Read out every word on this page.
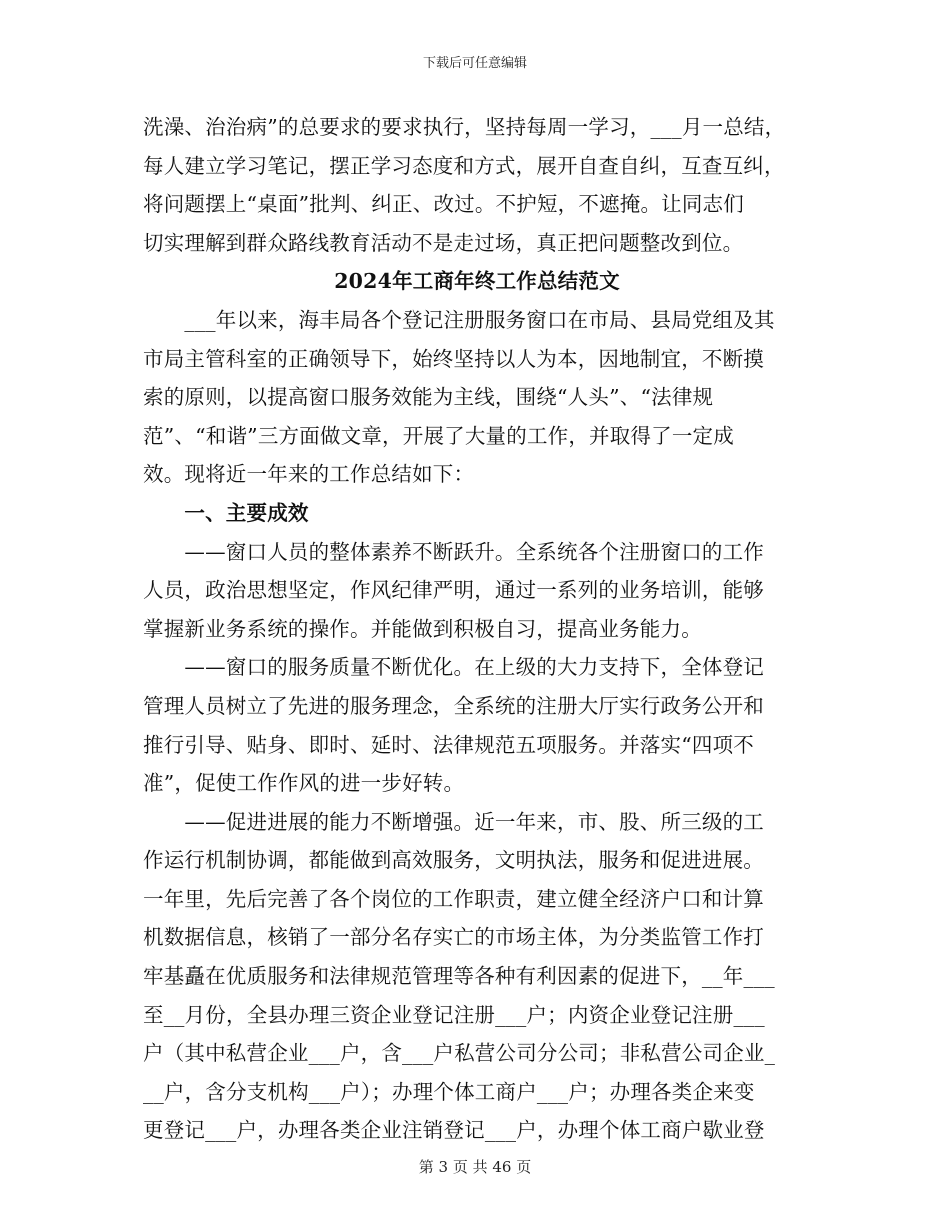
下载后可任意编辑
洗澡、治治病”的总要求的要求执行，坚持每周一学习，___月一总结，
每人建立学习笔记，摆正学习态度和方式，展开自查自纠，互查互纠，
将问题摆上“桌面”批判、纠正、改过。不护短，不遮掩。让同志们
切实理解到群众路线教育活动不是走过场，真正把问题整改到位。
2024年工商年终工作总结范文
　　___年以来，海丰局各个登记注册服务窗口在市局、县局党组及其
市局主管科室的正确领导下，始终坚持以人为本，因地制宜，不断摸
索的原则，以提高窗口服务效能为主线，围绕“人头”、“法律规
范”、“和谐”三方面做文章，开展了大量的工作，并取得了一定成
效。现将近一年来的工作总结如下：
　　一、主要成效
　　——窗口人员的整体素养不断跃升。全系统各个注册窗口的工作
人员，政治思想坚定，作风纪律严明，通过一系列的业务培训，能够
掌握新业务系统的操作。并能做到积极自习，提高业务能力。
　　——窗口的服务质量不断优化。在上级的大力支持下，全体登记
管理人员树立了先进的服务理念，全系统的注册大厅实行政务公开和
推行引导、贴身、即时、延时、法律规范五项服务。并落实“四项不
准”，促使工作作风的进一步好转。
　　——促进进展的能力不断增强。近一年来，市、股、所三级的工
作运行机制协调，都能做到高效服务，文明执法，服务和促进进展。
一年里，先后完善了各个岗位的工作职责，建立健全经济户口和计算
机数据信息，核销了一部分名存实亡的市场主体，为分类监管工作打
牢基矗在优质服务和法律规范管理等各种有利因素的促进下，__年___
至__月份，全县办理三资企业登记注册___户；内资企业登记注册___
户（其中私营企业___户，含___户私营公司分公司；非私营公司企业_
__户，含分支机构___户）；办理个体工商户___户；办理各类企来变
更登记___户，办理各类企业注销登记___户，办理个体工商户歇业登
第 3 页 共 46 页
